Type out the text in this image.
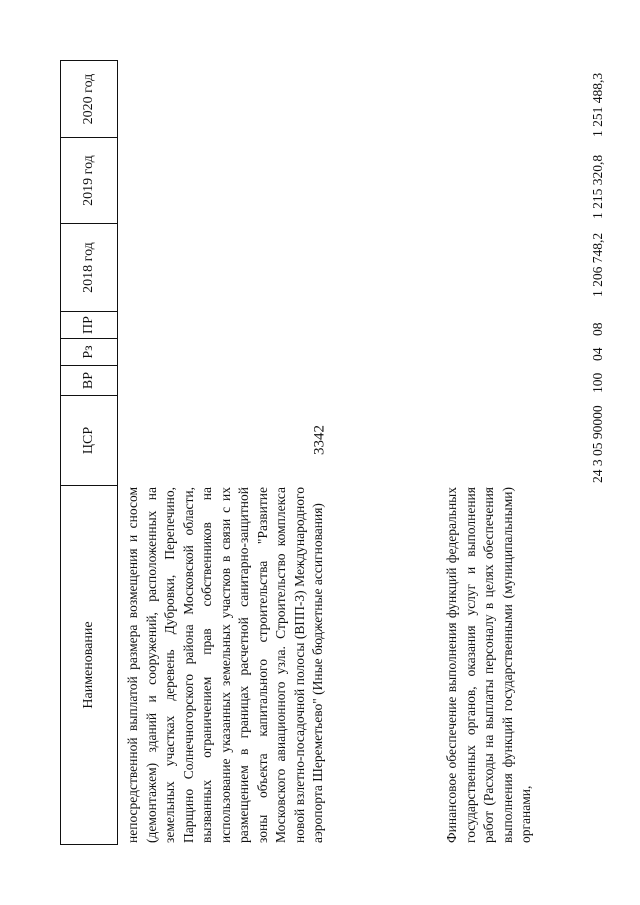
3342
Наименование
ЦСР
ВР
Рз
ПР
2018 год
2019 год
2020 год

непосредственной выплатой размера возмещения и сносом (демонтажем) зданий и сооружений, расположенных на земельных участках деревень Дубровки, Перепечино, Парщино Солнечногорского района Московской области, вызванных ограничением прав собственников на использование указанных земельных участков в связи с их размещением в границах расчетной санитарно-защитной зоны объекта капитального строительства "Развитие Московского авиационного узла. Строительство комплекса новой взлетно-посадочной полосы (ВПП-3) Международного аэропорта Шереметьево" (Иные бюджетные ассигнования)	Финансовое обеспечение выполнения функций федеральных государственных органов, оказания услуг и выполнения работ (Расходы на выплаты персоналу в целях обеспечения выполнения функций государственными (муниципальными) органами,

24 3 05 90000
100
04
08
1 206 748,2
1 215 320,8
1 251 488,3
